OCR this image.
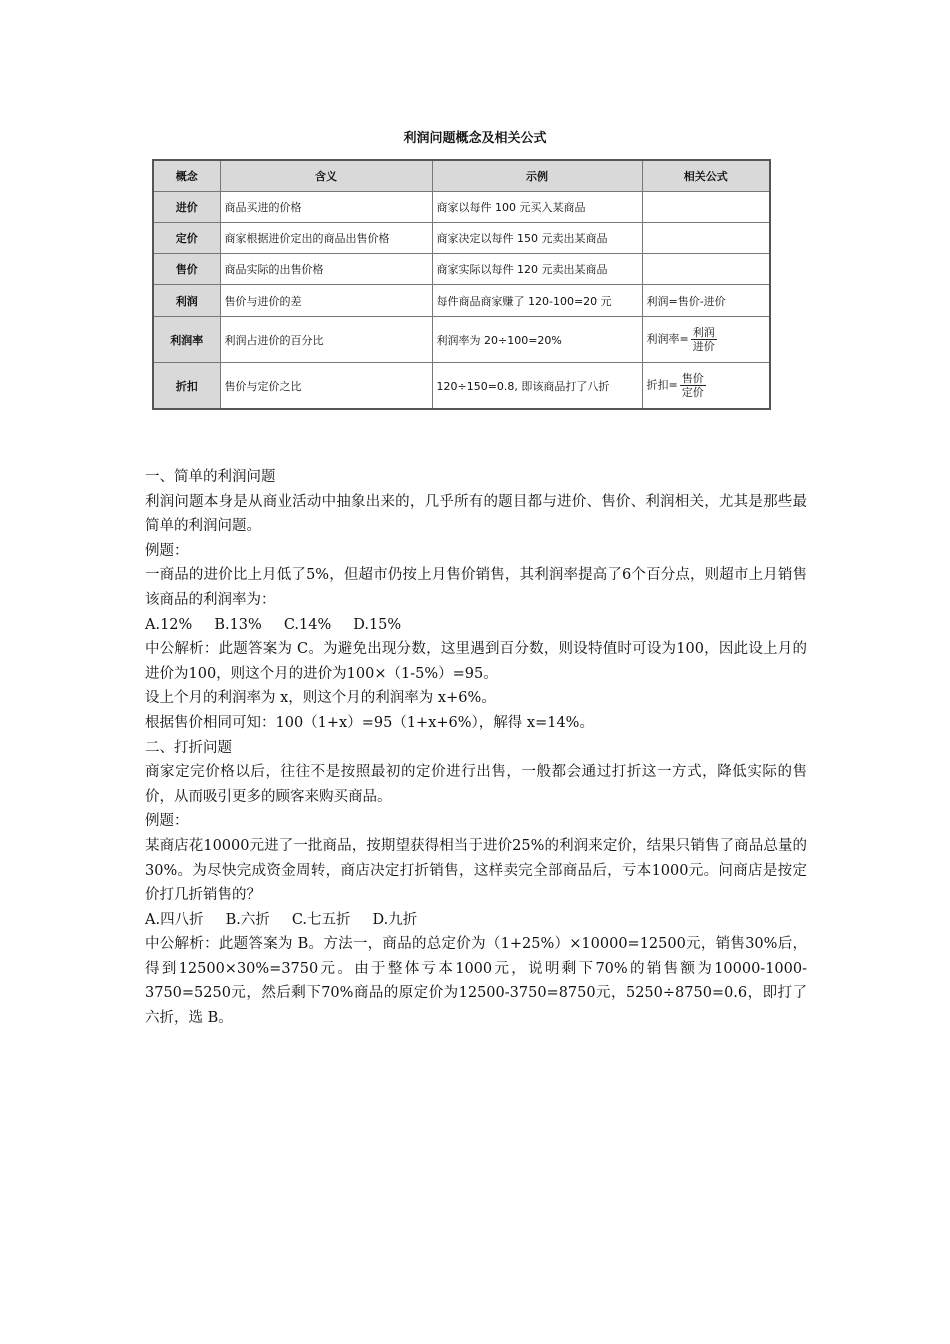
利润问题概念及相关公式
概念	含义	示例	相关公式
进价	商品买进的价格	商家以每件 100 元买入某商品	
定价	商家根据进价定出的商品出售价格	商家决定以每件 150 元卖出某商品	
售价	商品实际的出售价格	商家实际以每件 120 元卖出某商品	
利润	售价与进价的差	每件商品商家赚了 120-100=20 元	利润=售价-进价
利润率	利润占进价的百分比	利润率为 20÷100=20%	利润率= $\frac{\text{利润}}{\text{进价}}$

折扣	售价与定价之比	120÷150=0.8, 即该商品打了八折	折扣= $\frac{\text{售价}}{\text{定价}}$

一、简单的利润问题

利润问题本身是从商业活动中抽象出来的，几乎所有的题目都与进价、售价、利润相关，尤其是那些最简单的利润问题。

例题：

一商品的进价比上月低了5%，但超市仍按上月售价销售，其利润率提高了6个百分点，则超市上月销售该商品的利润率为：

A.12% B.13% C.14% D.15%

中公解析：此题答案为 C。为避免出现分数，这里遇到百分数，则设特值时可设为100，因此设上月的进价为100，则这个月的进价为100×（1-5%）=95。

设上个月的利润率为 x，则这个月的利润率为 x+6%。

根据售价相同可知：100（1+x）=95（1+x+6%），解得 x=14%。

二、打折问题

商家定完价格以后，往往不是按照最初的定价进行出售，一般都会通过打折这一方式，降低实际的售价，从而吸引更多的顾客来购买商品。

例题：

某商店花10000元进了一批商品，按期望获得相当于进价25%的利润来定价，结果只销售了商品总量的30%。为尽快完成资金周转，商店决定打折销售，这样卖完全部商品后，亏本1000元。问商店是按定价打几折销售的？

A.四八折 B.六折 C.七五折 D.九折

中公解析：此题答案为 B。方法一，商品的总定价为（1+25%）×10000=12500元，销售30%后，得到12500×30%=3750元。由于整体亏本1000元，说明剩下70%的销售额为10000-1000-3750=5250元，然后剩下70%商品的原定价为12500-3750=8750元，5250÷8750=0.6，即打了六折，选 B。
